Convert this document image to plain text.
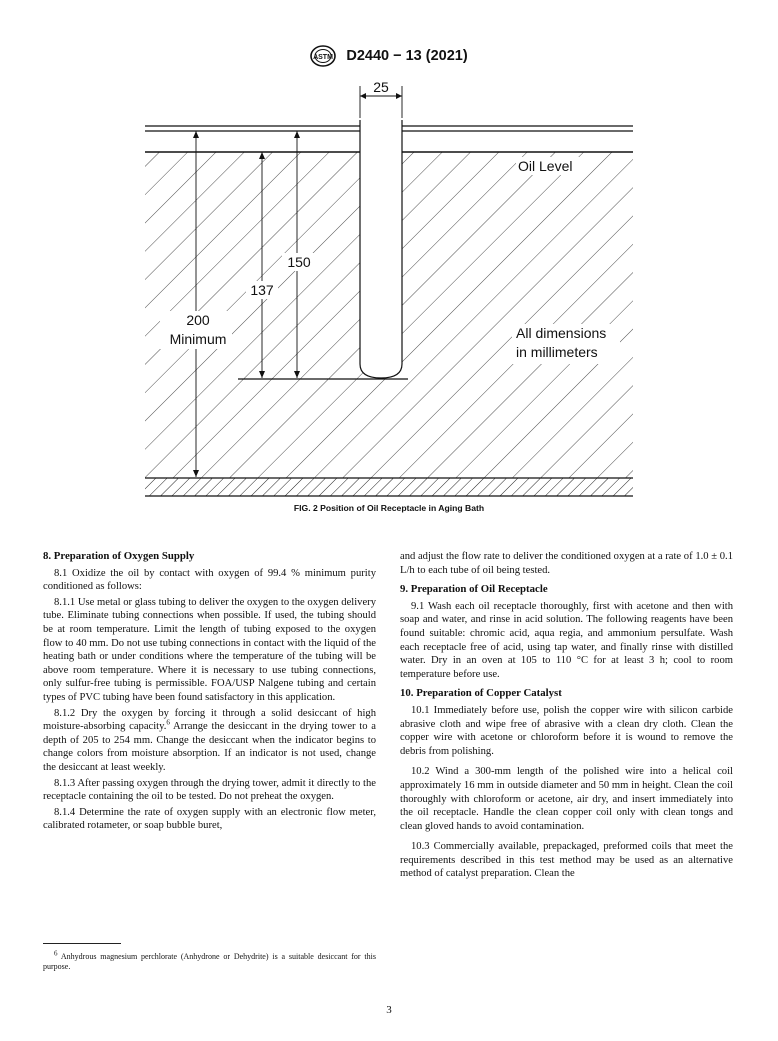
ASTM D2440 − 13 (2021)
25
150
137
200
Minimum
Oil Level
All dimensions
in millimeters
FIG. 2 Position of Oil Receptacle in Aging Bath
8. Preparation of Oxygen Supply

8.1 Oxidize the oil by contact with oxygen of 99.4 % minimum purity conditioned as follows:

8.1.1 Use metal or glass tubing to deliver the oxygen to the oxygen delivery tube. Eliminate tubing connections when possible. If used, the tubing should be at room temperature. Limit the length of tubing exposed to the oxygen flow to 40 mm. Do not use tubing connections in contact with the liquid of the heating bath or under conditions where the temperature of the tubing will be above room temperature. Where it is necessary to use tubing connections, only sulfur-free tubing is permissible. FOA/USP Nalgene tubing and certain types of PVC tubing have been found satisfactory in this application.

8.1.2 Dry the oxygen by forcing it through a solid desiccant of high moisture-absorbing capacity.$^6$ Arrange the desiccant in the drying tower to a depth of 205 to 254 mm. Change the desiccant when the indicator begins to change colors from moisture absorption. If an indicator is not used, change the desiccant at least weekly.

8.1.3 After passing oxygen through the drying tower, admit it directly to the receptacle containing the oil to be tested. Do not preheat the oxygen.

8.1.4 Determine the rate of oxygen supply with an electronic flow meter, calibrated rotameter, or soap bubble buret,

$^6$ Anhydrous magnesium perchlorate (Anhydrone or Dehydrite) is a suitable desiccant for this purpose.

and adjust the flow rate to deliver the conditioned oxygen at a rate of 1.0 ± 0.1 L/h to each tube of oil being tested.

9. Preparation of Oil Receptacle

9.1 Wash each oil receptacle thoroughly, first with acetone and then with soap and water, and rinse in acid solution. The following reagents have been found suitable: chromic acid, aqua regia, and ammonium persulfate. Wash each receptacle free of acid, using tap water, and finally rinse with distilled water. Dry in an oven at 105 to 110 °C for at least 3 h; cool to room temperature before use.

10. Preparation of Copper Catalyst

10.1 Immediately before use, polish the copper wire with silicon carbide abrasive cloth and wipe free of abrasive with a clean dry cloth. Clean the copper wire with acetone or chloroform before it is wound to remove the debris from polishing.

10.2 Wind a 300-mm length of the polished wire into a helical coil approximately 16 mm in outside diameter and 50 mm in height. Clean the coil thoroughly with chloroform or acetone, air dry, and insert immediately into the oil receptacle. Handle the clean copper coil only with clean tongs and clean gloved hands to avoid contamination.

10.3 Commercially available, prepackaged, preformed coils that meet the requirements described in this test method may be used as an alternative method of catalyst preparation. Clean the

3
